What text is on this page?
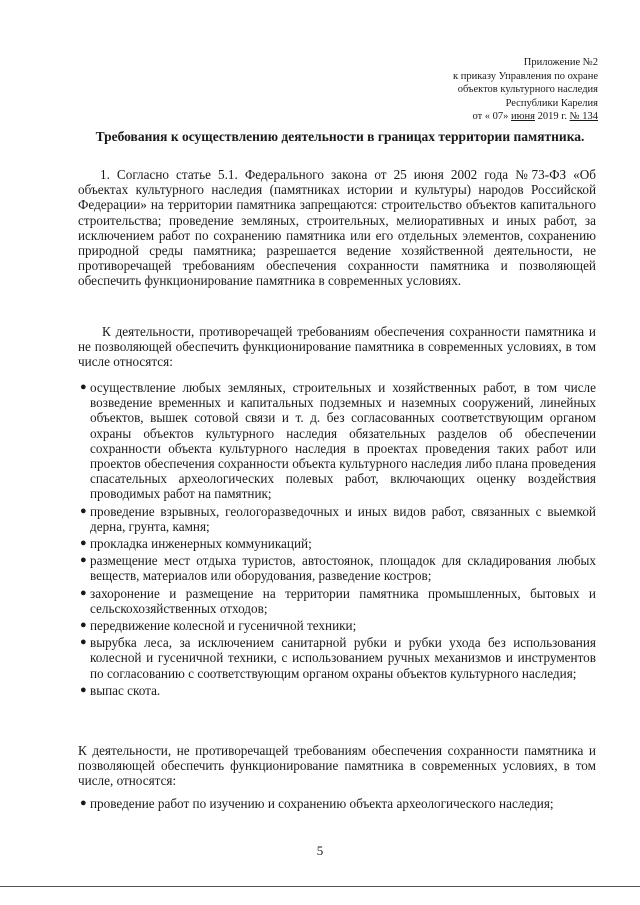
Приложение №2
к приказу Управления по охране
объектов культурного наследия
Республики Карелия
от « 07» июня 2019 г. № 134
Требования к осуществлению деятельности в границах территории памятника.
1. Согласно статье 5.1. Федерального закона от 25 июня 2002 года №73-ФЗ «Об объектах культурного наследия (памятниках истории и культуры) народов Российской Федерации» на территории памятника запрещаются: строительство объектов капитального строительства; проведение земляных, строительных, мелиоративных и иных работ, за исключением работ по сохранению памятника или его отдельных элементов, сохранению природной среды памятника; разрешается ведение хозяйственной деятельности, не противоречащей требованиям обеспечения сохранности памятника и позволяющей обеспечить функционирование памятника в современных условиях.
К деятельности, противоречащей требованиям обеспечения сохранности памятника и не позволяющей обеспечить функционирование памятника в современных условиях, в том числе относятся:
● осуществление любых земляных, строительных и хозяйственных работ, в том числе возведение временных и капитальных подземных и наземных сооружений, линейных объектов, вышек сотовой связи и т. д. без согласованных соответствующим органом охраны объектов культурного наследия обязательных разделов об обеспечении сохранности объекта культурного наследия в проектах проведения таких работ или проектов обеспечения сохранности объекта культурного наследия либо плана проведения спасательных археологических полевых работ, включающих оценку воздействия проводимых работ на памятник;
● проведение взрывных, геологоразведочных и иных видов работ, связанных с выемкой дерна, грунта, камня;
● прокладка инженерных коммуникаций;
● размещение мест отдыха туристов, автостоянок, площадок для складирования любых веществ, материалов или оборудования, разведение костров;
● захоронение и размещение на территории памятника промышленных, бытовых и сельскохозяйственных отходов;
● передвижение колесной и гусеничной техники;
● вырубка леса, за исключением санитарной рубки и рубки ухода без использования колесной и гусеничной техники, с использованием ручных механизмов и инструментов по согласованию с соответствующим органом охраны объектов культурного наследия;
● выпас скота.
К деятельности, не противоречащей требованиям обеспечения сохранности памятника и позволяющей обеспечить функционирование памятника в современных условиях, в том числе, относятся:
● проведение работ по изучению и сохранению объекта археологического наследия;
5
